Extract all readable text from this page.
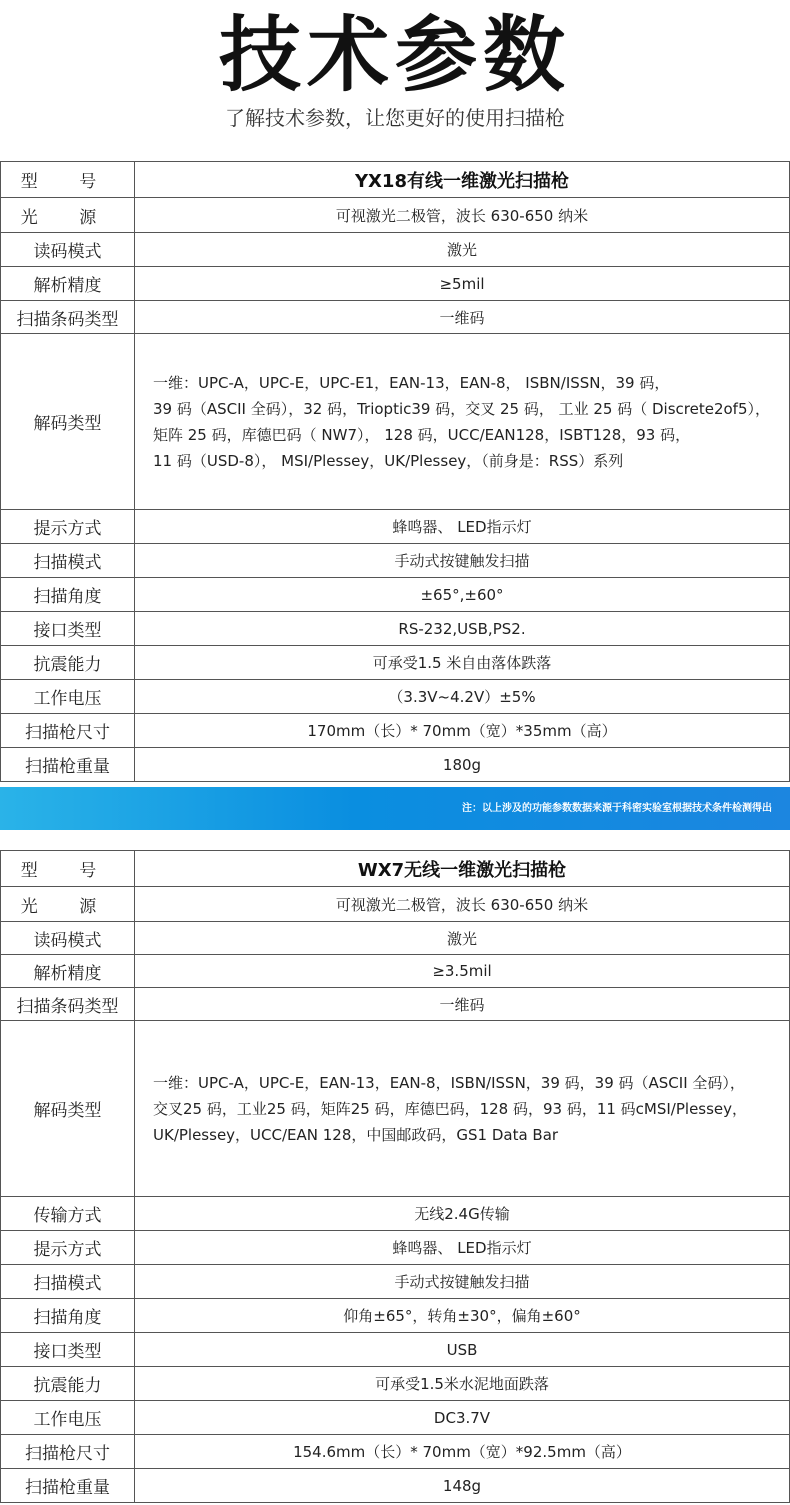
技术参数
了解技术参数，让您更好的使用扫描枪
型 号	YX18有线一维激光扫描枪
光 源	可视激光二极管，波长 630-650 纳米
读码模式	激光
解析精度	≥5mil
扫描条码类型	一维码
解码类型	一维：UPC-A，UPC-E，UPC-E1，EAN-13，EAN-8， ISBN/ISSN，39 码，
39 码（ASCII 全码），32 码，Trioptic39 码，交叉 25 码， 工业 25 码（ Discrete2of5），
矩阵 25 码，库德巴码（ NW7）， 128 码，UCC/EAN128，ISBT128，93 码，
11 码（USD-8）， MSI/Plessey，UK/Plessey，（前身是：RSS）系列

提示方式	蜂鸣器、 LED指示灯
扫描模式	手动式按键触发扫描
扫描角度	±65°,±60°
接口类型	RS-232,USB,PS2.
抗震能力	可承受1.5 米自由落体跌落
工作电压	（3.3V~4.2V）±5%
扫描枪尺寸	170mm（长）* 70mm（宽）*35mm（高）
扫描枪重量	180g
注：以上涉及的功能参数数据来源于科密实验室根据技术条件检测得出
型 号	WX7无线一维激光扫描枪
光 源	可视激光二极管，波长 630-650 纳米
读码模式	激光
解析精度	≥3.5mil
扫描条码类型	一维码
解码类型	一维：UPC-A，UPC-E，EAN-13，EAN-8，ISBN/ISSN，39 码，39 码（ASCII 全码），
交叉25 码，工业25 码，矩阵25 码，库德巴码，128 码，93 码，11 码cMSI/Plessey，
UK/Plessey，UCC/EAN 128，中国邮政码，GS1 Data Bar

传输方式	无线2.4G传输
提示方式	蜂鸣器、 LED指示灯
扫描模式	手动式按键触发扫描
扫描角度	仰角±65°，转角±30°，偏角±60°
接口类型	USB
抗震能力	可承受1.5米水泥地面跌落
工作电压	DC3.7V
扫描枪尺寸	154.6mm（长）* 70mm（宽）*92.5mm（高）
扫描枪重量	148g
